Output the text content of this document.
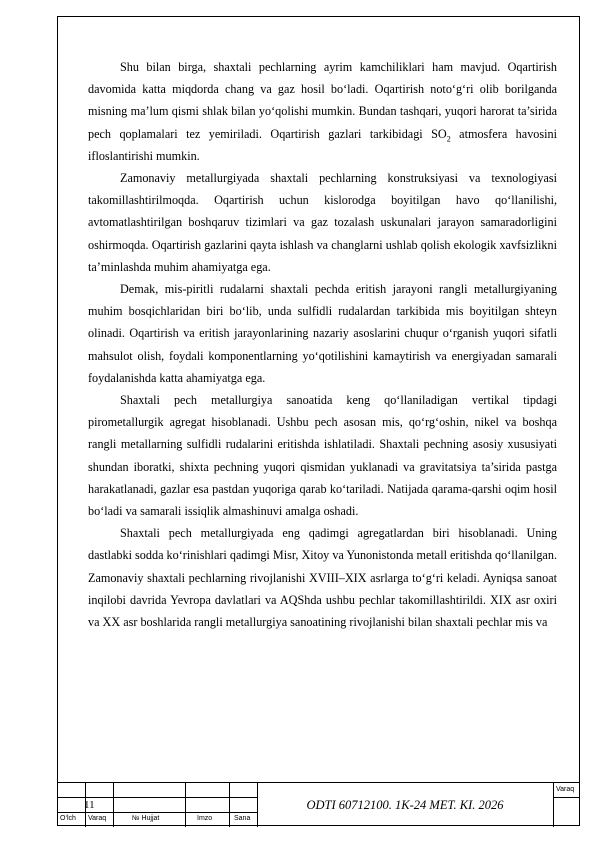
Shu bilan birga, shaxtali pechlarning ayrim kamchiliklari ham mavjud. Oqartirish davomida katta miqdorda chang va gaz hosil bo‘ladi. Oqartirish noto‘g‘ri olib borilganda misning ma’lum qismi shlak bilan yo‘qolishi mumkin. Bundan tashqari, yuqori harorat ta’sirida pech qoplamalari tez yemiriladi. Oqartirish gazlari tarkibidagi $SO_2$ atmosfera havosini ifloslantirishi mumkin.

Zamonaviy metallurgiyada shaxtali pechlarning konstruksiyasi va texnologiyasi takomillashtirilmoqda. Oqartirish uchun kislorodga boyitilgan havo qo‘llanilishi, avtomatlashtirilgan boshqaruv tizimlari va gaz tozalash uskunalari jarayon samaradorligini oshirmoqda. Oqartirish gazlarini qayta ishlash va changlarni ushlab qolish ekologik xavfsizlikni ta’minlashda muhim ahamiyatga ega.

Demak, mis-piritli rudalarni shaxtali pechda eritish jarayoni rangli metallurgiyaning muhim bosqichlaridan biri bo‘lib, unda sulfidli rudalardan tarkibida mis boyitilgan shteyn olinadi. Oqartirish va eritish jarayonlarining nazariy asoslarini chuqur o‘rganish yuqori sifatli mahsulot olish, foydali komponentlarning yo‘qotilishini kamaytirish va energiyadan samarali foydalanishda katta ahamiyatga ega.

Shaxtali pech metallurgiya sanoatida keng qo‘llaniladigan vertikal tipdagi pirometallurgik agregat hisoblanadi. Ushbu pech asosan mis, qo‘rg‘oshin, nikel va boshqa rangli metallarning sulfidli rudalarini eritishda ishlatiladi. Shaxtali pechning asosiy xususiyati shundan iboratki, shixta pechning yuqori qismidan yuklanadi va gravitatsiya ta’sirida pastga harakatlanadi, gazlar esa pastdan yuqoriga qarab ko‘tariladi. Natijada qarama-qarshi oqim hosil bo‘ladi va samarali issiqlik almashinuvi amalga oshadi.

Shaxtali pech metallurgiyada eng qadimgi agregatlardan biri hisoblanadi. Uning dastlabki sodda ko‘rinishlari qadimgi Misr, Xitoy va Yunonistonda metall eritishda qo‘llanilgan. Zamonaviy shaxtali pechlarning rivojlanishi XVIII–XIX asrlarga to‘g‘ri keladi. Ayniqsa sanoat inqilobi davrida Yevropa davlatlari va AQShda ushbu pechlar takomillashtirildi. XIX asr oxiri va XX asr boshlarida rangli metallurgiya sanoatining rivojlanishi bilan shaxtali pechlar mis va

11
O‘lch Varaq	№ Hujjat	Imzo	Sana
ODTI 60712100. 1K-24 MET. KI. 2026
Varaq
